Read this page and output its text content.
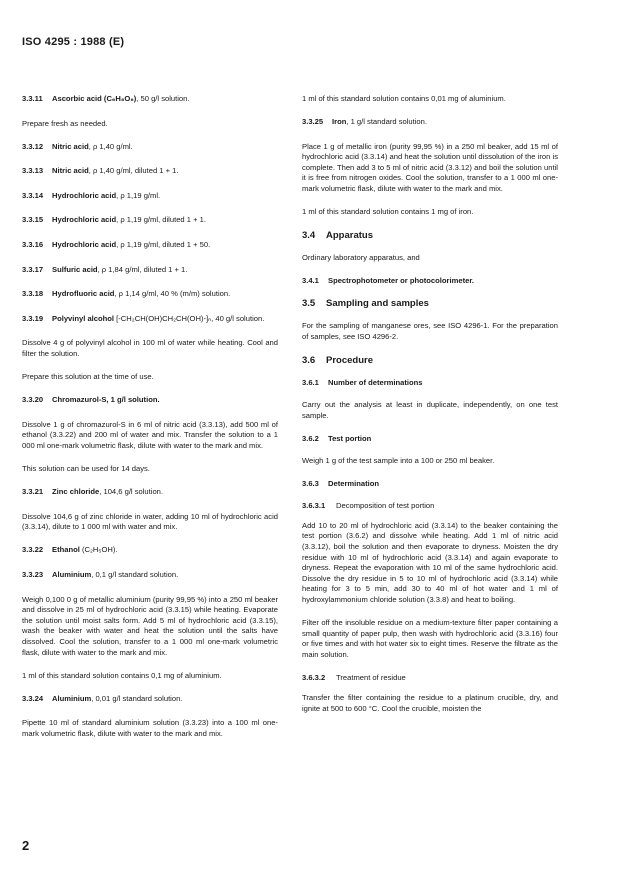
ISO 4295 : 1988 (E)
3.3.11 Ascorbic acid (C₆H₈O₆), 50 g/l solution.

Prepare fresh as needed.

3.3.12 Nitric acid, ρ 1,40 g/ml.
3.3.13 Nitric acid, ρ 1,40 g/ml, diluted 1 + 1.
3.3.14 Hydrochloric acid, ρ 1,19 g/ml.
3.3.15 Hydrochloric acid, ρ 1,19 g/ml, diluted 1 + 1.
3.3.16 Hydrochloric acid, ρ 1,19 g/ml, diluted 1 + 50.
3.3.17 Sulfuric acid, ρ 1,84 g/ml, diluted 1 + 1.
3.3.18 Hydrofluoric acid, ρ 1,14 g/ml, 40 % (m/m) solution.
3.3.19 Polyvinyl alcohol [-CH₂CH(OH)CH₂CH(OH)-]ₙ, 40 g/l solution.

Dissolve 4 g of polyvinyl alcohol in 100 ml of water while heating. Cool and filter the solution.

Prepare this solution at the time of use.

3.3.20 Chromazurol-S, 1 g/l solution.

Dissolve 1 g of chromazurol-S in 6 ml of nitric acid (3.3.13), add 500 ml of ethanol (3.3.22) and 200 ml of water and mix. Transfer the solution to a 1 000 ml one-mark volumetric flask, dilute with water to the mark and mix.

This solution can be used for 14 days.

3.3.21 Zinc chloride, 104,6 g/l solution.

Dissolve 104,6 g of zinc chloride in water, adding 10 ml of hydrochloric acid (3.3.14), dilute to 1 000 ml with water and mix.

3.3.22 Ethanol (C₂H₅OH).
3.3.23 Aluminium, 0,1 g/l standard solution.

Weigh 0,100 0 g of metallic aluminium (purity 99,95 %) into a 250 ml beaker and dissolve in 25 ml of hydrochloric acid (3.3.15) while heating. Evaporate the solution until moist salts form. Add 5 ml of hydrochloric acid (3.3.15), wash the beaker with water and heat the solution until the salts have dissolved. Cool the solution, transfer to a 1 000 ml one-mark volumetric flask, dilute with water to the mark and mix.

1 ml of this standard solution contains 0,1 mg of aluminium.

3.3.24 Aluminium, 0,01 g/l standard solution.

Pipette 10 ml of standard aluminium solution (3.3.23) into a 100 ml one-mark volumetric flask, dilute with water to the mark and mix.

1 ml of this standard solution contains 0,01 mg of aluminium.

3.3.25 Iron, 1 g/l standard solution.

Place 1 g of metallic iron (purity 99,95 %) in a 250 ml beaker, add 15 ml of hydrochloric acid (3.3.14) and heat the solution until dissolution of the iron is complete. Then add 3 to 5 ml of nitric acid (3.3.12) and boil the solution until it is free from nitrogen oxides. Cool the solution, transfer to a 1 000 ml one-mark volumetric flask, dilute with water to the mark and mix.

1 ml of this standard solution contains 1 mg of iron.

3.4 Apparatus

Ordinary laboratory apparatus, and

3.4.1 Spectrophotometer or photocolorimeter.
3.5 Sampling and samples

For the sampling of manganese ores, see ISO 4296-1. For the preparation of samples, see ISO 4296-2.

3.6 Procedure
3.6.1 Number of determinations

Carry out the analysis at least in duplicate, independently, on one test sample.

3.6.2 Test portion

Weigh 1 g of the test sample into a 100 or 250 ml beaker.

3.6.3 Determination
3.6.3.1 Decomposition of test portion

Add 10 to 20 ml of hydrochloric acid (3.3.14) to the beaker containing the test portion (3.6.2) and dissolve while heating. Add 1 ml of nitric acid (3.3.12), boil the solution and then evaporate to dryness. Moisten the dry residue with 10 ml of hydrochloric acid (3.3.14) and again evaporate to dryness. Repeat the evaporation with 10 ml of the same hydrochloric acid. Dissolve the dry residue in 5 to 10 ml of hydrochloric acid (3.3.14) while heating for 3 to 5 min, add 30 to 40 ml of hot water and 1 ml of hydroxylammonium chloride solution (3.3.8) and heat to boiling.

Filter off the insoluble residue on a medium-texture filter paper containing a small quantity of paper pulp, then wash with hydrochloric acid (3.3.16) four or five times and with hot water six to eight times. Reserve the filtrate as the main solution.

3.6.3.2 Treatment of residue

Transfer the filter containing the residue to a platinum crucible, dry, and ignite at 500 to 600 °C. Cool the crucible, moisten the

2
